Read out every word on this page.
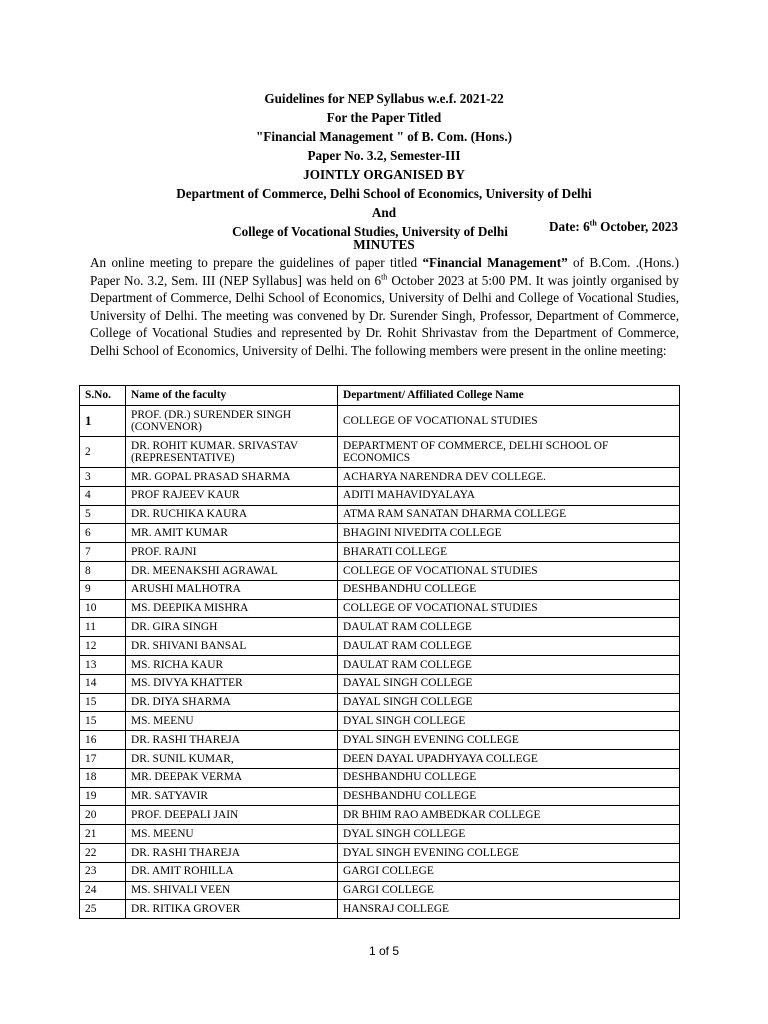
Guidelines for NEP Syllabus w.e.f. 2021-22
For the Paper Titled
"Financial Management " of B. Com. (Hons.)
Paper No. 3.2, Semester-III
JOINTLY ORGANISED BY
Department of Commerce, Delhi School of Economics, University of Delhi
And
College of Vocational Studies, University of Delhi	Date: 6th October, 2023
MINUTES
An online meeting to prepare the guidelines of paper titled “Financial Management” of B.Com. .(Hons.) Paper No. 3.2, Sem. III (NEP Syllabus] was held on 6th October 2023 at 5:00 PM. It was jointly organised by Department of Commerce, Delhi School of Economics, University of Delhi and College of Vocational Studies, University of Delhi. The meeting was convened by Dr. Surender Singh, Professor, Department of Commerce, College of Vocational Studies and represented by Dr. Rohit Shrivastav from the Department of Commerce, Delhi School of Economics, University of Delhi. The following members were present in the online meeting:
S.No.	Name of the faculty	Department/ Affiliated College Name
1	PROF. (DR.) SURENDER SINGH (CONVENOR)	COLLEGE OF VOCATIONAL STUDIES
2	DR. ROHIT KUMAR. SRIVASTAV (REPRESENTATIVE)	DEPARTMENT OF COMMERCE, DELHI SCHOOL OF ECONOMICS
3	MR. GOPAL PRASAD SHARMA	ACHARYA NARENDRA DEV COLLEGE.
4	PROF RAJEEV KAUR	ADITI MAHAVIDYALAYA
5	DR. RUCHIKA KAURA	ATMA RAM SANATAN DHARMA COLLEGE
6	MR. AMIT KUMAR	BHAGINI NIVEDITA COLLEGE
7	PROF. RAJNI	BHARATI COLLEGE
8	DR. MEENAKSHI AGRAWAL	COLLEGE OF VOCATIONAL STUDIES
9	ARUSHI MALHOTRA	DESHBANDHU COLLEGE
10	MS. DEEPIKA MISHRA	COLLEGE OF VOCATIONAL STUDIES
11	DR. GIRA SINGH	DAULAT RAM COLLEGE
12	DR. SHIVANI BANSAL	DAULAT RAM COLLEGE
13	MS. RICHA KAUR	DAULAT RAM COLLEGE
14	MS. DIVYA KHATTER	DAYAL SINGH COLLEGE
15	DR. DIYA SHARMA	DAYAL SINGH COLLEGE
15	MS. MEENU	DYAL SINGH COLLEGE
16	DR. RASHI THAREJA	DYAL SINGH EVENING COLLEGE
17	DR. SUNIL KUMAR,	DEEN DAYAL UPADHYAYA COLLEGE
18	MR. DEEPAK VERMA	DESHBANDHU COLLEGE
19	MR. SATYAVIR	DESHBANDHU COLLEGE
20	PROF. DEEPALI JAIN	DR BHIM RAO AMBEDKAR COLLEGE
21	MS. MEENU	DYAL SINGH COLLEGE
22	DR. RASHI THAREJA	DYAL SINGH EVENING COLLEGE
23	DR. AMIT ROHILLA	GARGI COLLEGE
24	MS. SHIVALI VEEN	GARGI COLLEGE
25	DR. RITIKA GROVER	HANSRAJ COLLEGE
1 of 5
